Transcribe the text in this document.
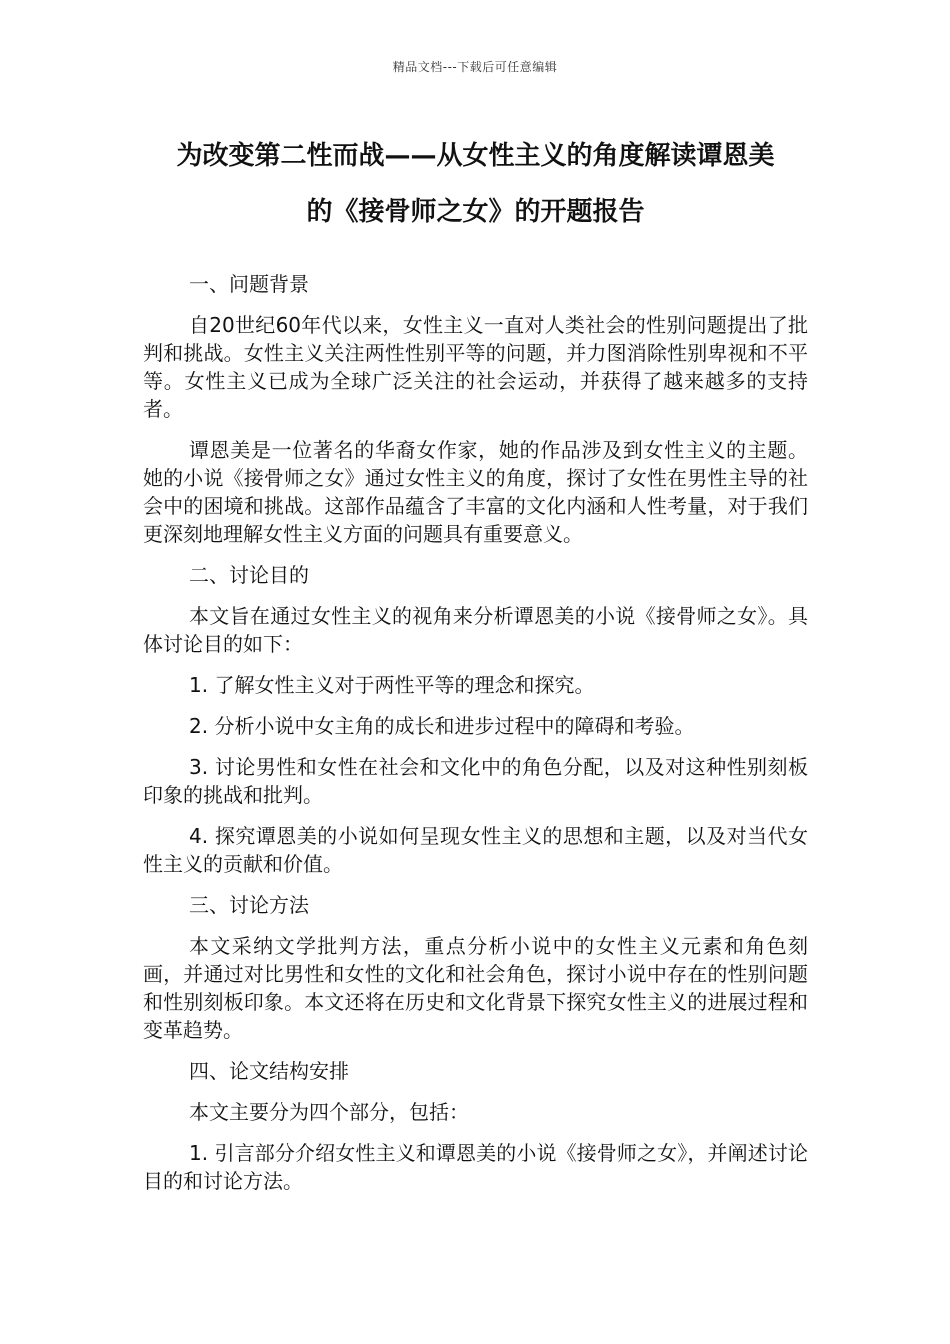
精品文档---下载后可任意编辑
为改变第二性而战——从女性主义的角度解读谭恩美
的《接骨师之女》的开题报告

一、问题背景

自20世纪60年代以来，女性主义一直对人类社会的性别问题提出了批判和挑战。女性主义关注两性性别平等的问题，并力图消除性别卑视和不平等。女性主义已成为全球广泛关注的社会运动，并获得了越来越多的支持者。

谭恩美是一位著名的华裔女作家，她的作品涉及到女性主义的主题。她的小说《接骨师之女》通过女性主义的角度，探讨了女性在男性主导的社会中的困境和挑战。这部作品蕴含了丰富的文化内涵和人性考量，对于我们更深刻地理解女性主义方面的问题具有重要意义。

二、讨论目的

本文旨在通过女性主义的视角来分析谭恩美的小说《接骨师之女》。具体讨论目的如下：

1. 了解女性主义对于两性平等的理念和探究。

2. 分析小说中女主角的成长和进步过程中的障碍和考验。

3. 讨论男性和女性在社会和文化中的角色分配，以及对这种性别刻板印象的挑战和批判。

4. 探究谭恩美的小说如何呈现女性主义的思想和主题，以及对当代女性主义的贡献和价值。

三、讨论方法

本文采纳文学批判方法，重点分析小说中的女性主义元素和角色刻画，并通过对比男性和女性的文化和社会角色，探讨小说中存在的性别问题和性别刻板印象。本文还将在历史和文化背景下探究女性主义的进展过程和变革趋势。

四、论文结构安排

本文主要分为四个部分，包括：

1. 引言部分介绍女性主义和谭恩美的小说《接骨师之女》，并阐述讨论目的和讨论方法。
